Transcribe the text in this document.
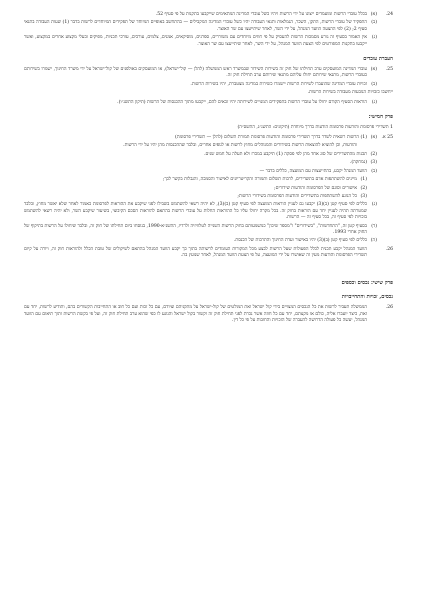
24.
(א)
בכלל עובדי הרשות ומועמדים ייצוגו על ידי הרשות ויהיו כשל עובדי המדינה המתאימים שייקבעו בתקנות על פי סעיף 52.
(ב)
התפקיד של עובדי הרשות, התקן, השכר, הגמלאות ותנאי העבודה יהיו כשל עובדי המדינה המקבילים — בהתחשב באופיים המיוחד של תפקידים המיוחדים לרשות בדבר (1) שעות העבודה בתנאי סעיף 2; (2) לפי ההצעה הוועד המנהל, על ידי השר, לאחר שיתייעצו עם שר האוצר.
(ג)
אין האמור בסעיף זה גורע מסמכות הרשות להעסיק על פי חוזים מיוחדים עם משוררים, ספרנים, מוסיקאים, אמנים, צלמים, עורכים, עורכי תכניות, מפיקים ובעלי מקצוע אחרים במקצוע, ואשר ייקבעו בתקנות המפורטים לפי הצעת הוועד המנהל, על ידי השר, לאחר שיתייעצו עם שר האוצר.
העברת עובדים
25.
(א)
עובדי המדינה המועסקים ערב תחילתו של חוק זה בשירות השידור שבמשרד ראש הממשלה (להלן — קול־ישראל), או המועסקים באולפנים של קול־ישראל על ידי משרד החינוך, ישמרו בשירותם כעובדי הרשות, מתנאי שירותם יחולו עליהם מתנאי שירותם ערב תחילת חוק זה.
(ב)
זכויות עובדי המדינה שהועברו לשירות הרשות יישמרו כשירות במדינה מצטברת, יהיו בשירות הרשות.
ייחשבו כזכויות הנובעות מעבודה בשירות הרשות.
(ג)
הוראות הסעיף הקודם יחולו על עובדי הרשות בתפקידים המנויים לשירותה יהיו זכאים להם, ייקבעו מתוך ההכנסות של הרשות (תיקון התשנ״ו).
פרק חמישי:
1 תשדירי פרסומת והודעות פרסומת הודעות בדרך מיוחדת (תיקונים: התשנ״ג, התשס״ה)
25 א.
(א)
(1) הרשות רשאית לשדר בדרך תשדירי פרסומת והודעות פרסומת תמורת תשלום (להלן — תשדירי פרסומת)
והודעות, וכן להוציא להוצאות הרשות בשידורים והמנוהלים מחוץ לרשות או לגופים אחרים, ובלבד שההכנסות מהן יהיו על ידי הרשות.
(2)
תכנות מהתשדירים של סוג אחד מהן לפי פסקה (1) תיקבע במכרז ולא תעלה על חמש שנים.
(3)
(נמחקה).
(ב)
הוועד המנהל יקבע, בהתייעצות עם המועצה, כללים בדבר —
(1)
מיינים להשתתפות אדם בתשדירים, לרבות תשלום ותמורה והקריטריונים לאישור והסמכה, והגבלות בקשר לכך;
(2)
אישורים וסוגם של הפרסומת והודעות שידורים;
(3)
כל הנוגע להשתתפות בתשדירים והודעות הפרסומת בשידורי הרשות;
(ג)
כללים לפי סעיף קטן (ב)(3) יקבעו גם לעניין הוראות המועצה לפי סעיף קטן (ב)(3), לא יהיה רשאי להשתמש בשבילו לפני שיקבע את ההוראות לפרסומת כאמור לאחר שלא יאשר מחוץ, ובלבד שמטרתה תהיה לעניין יחד עם הוראות בחוק זה. בכל מקרה יחולו עליו כל ההוראות החלות על עובדי הרשות בהתאם להוראות הסכם הקיבוצי, בשיעור שיקבע השר, ולא יהיה רשאי להשתמש בזכויות לפי סעיף זה, בכל סעיף זה — הרשות.
(ד)
בסעיף קטן זה, "התחדשות", "בשידורים" ו"מספר שיכון" כמשמעותם בחוק הרשות השנייה לטלוויזיה ולרדיו, התשנ״א-1990, בנוסחו ביום תחילתו של חוק זה, ובלבד שיחולו על הרשות בתיקוף של החוק אחרי 1993.
(ה)
כללים לפי סעיף קטן (ב)(3) יהיו באישור ועדת החינוך והתרבות של הכנסת.
26.
הוועד המנהל יקבע תכנית לכלל הפעולות שעל הרשות לבצע מכל המקורות העומדים לרשותה בתוך כך יקבע הוועד המנהל בהתאם לשיקולים של טובת הכלל ולהוראות חוק זה, ויורה על קיום תשדירי הפרסומת והודעות מעין זה שאושרו על ידי המועצה, על פי הצעת הוועד המנהל, לאחר שנועץ בה.
פרק שישי: נכסים וכספים
נכסים, זכויות והתחייבויות
26.
הממשלה תעביר לרשות את כל הנכסים המצויים בידי קול ישראל ואת המולטים של קול-ישראל על מתקניהם וציודם, עם כל זכות ועם כל חוב או התחייבות הקשורים בהם, ותודיע לרשות, יחד עם זאת, כיצד יועברו אליה, כולם או מקצתם, יחד עם כל חוזה אשר נכרת לפני תחילת חוק זה וקשור בקול ישראל והנוגע לו כפי שהוא ערב תחילת חוק זה, ועל פי בקשת הרשות ותוך תיאום עם הוועד המנהל, יעשה כל פעולה הדרושה להעברה של הזכויות והחובות על פי כל דין.
